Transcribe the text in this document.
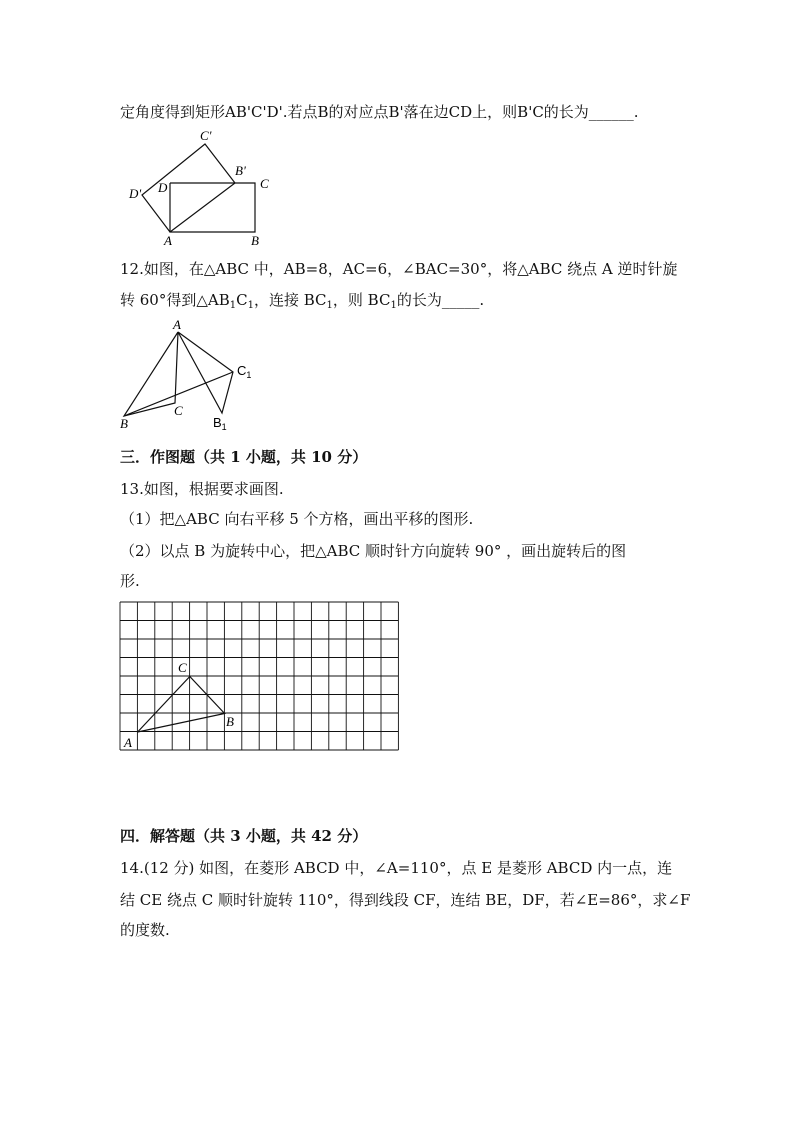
定角度得到矩形AB'C'D'.若点B的对应点B'落在边CD上，则B'C的长为______.
C'
B'
C
D' D
A	B
12.如图，在△ABC 中，AB=8，AC=6，∠BAC=30°，将△ABC 绕点 A 逆时针旋
转 60°得到$\triangle AB_1C_1$，连接 $BC_1$，则 $BC_1$的长为_____.
A
$C_1$
B
C
$B_1$
三．作图题（共 1 小题，共 10 分）
13.如图，根据要求画图.
（1）把△ABC 向右平移 5 个方格，画出平移的图形.
（2）以点 B 为旋转中心，把△ABC 顺时针方向旋转 90° ，画出旋转后的图
形.
C
B
A
四．解答题（共 3 小题，共 42 分）
14.(12 分) 如图，在菱形 ABCD 中，∠A=110°，点 E 是菱形 ABCD 内一点，连
结 CE 绕点 C 顺时针旋转 110°，得到线段 CF，连结 BE，DF，若∠E=86°，求∠F
的度数.
